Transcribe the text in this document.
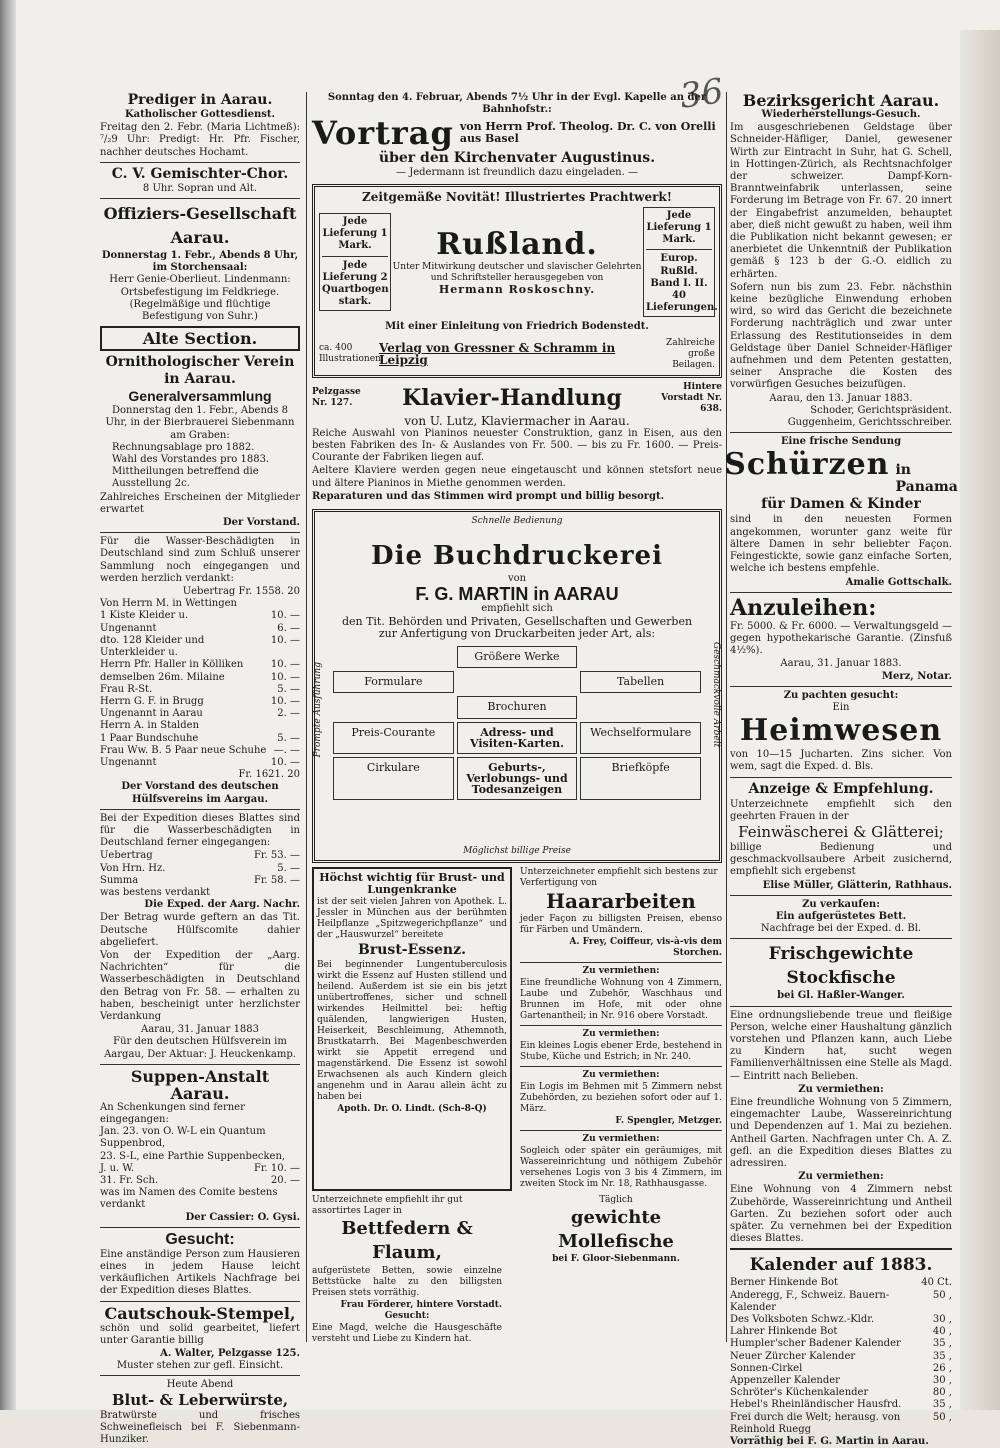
36
Prediger in Aarau.
Katholischer Gottesdienst.
Freitag den 2. Febr. (Maria Lichtmeß): ⁷/₂9 Uhr: Predigt: Hr. Pfr. Fischer, nachher deutsches Hochamt.
C. V. Gemischter-Chor.
8 Uhr. Sopran und Alt.
Offiziers-Gesellschaft Aarau.
Donnerstag 1. Febr., Abends 8 Uhr, im Storchensaal:
Herr Genie-Oberlieut. Lindenmann: Ortsbefestigung im Feldkriege. (Regelmäßige und flüchtige Befestigung von Suhr.)
Alte Section.
Ornithologischer Verein in Aarau.
Generalversammlung
Donnerstag den 1. Febr., Abends 8 Uhr, in der Bierbrauerei Siebenmann am Graben:
Rechnungsablage pro 1882.
Wahl des Vorstandes pro 1883.
Mittheilungen betreffend die Ausstellung 2c.
Zahlreiches Erscheinen der Mitglieder erwartet
Der Vorstand.
Für die Wasser-Beschädigten in Deutschland sind zum Schluß unserer Sammlung noch eingegangen und werden herzlich verdankt:
Uebertrag Fr. 1558. 20
Von Herrn M. in Wettingen
1 Kiste Kleider u.	10. —
Ungenannt	6. —
dto. 128 Kleider und Unterkleider u.
10. —
Herrn Pfr. Haller in Kölliken	10. —
demselben 26m. Milaine	10. —
Frau R-St.	5. —
Herrn G. F. in Brugg	10. —
Ungenannt in Aarau	2. —
Herrn A. in Stalden
1 Paar Bundschuhe	5. —
Frau Ww. B. 5 Paar neue Schuhe —. —
Ungenannt	10. —
Fr. 1621. 20
Der Vorstand des deutschen Hülfsvereins im Aargau.
Bei der Expedition dieses Blattes sind für die Wasserbeschädigten in Deutschland ferner eingegangen:
Uebertrag	Fr. 53. —
Von Hrn. Hz.	5. —
Summa	Fr. 58. —
was bestens verdankt
Die Exped. der Aarg. Nachr.
Der Betrag wurde geftern an das Tit. Deutsche Hülfscomite dahier abgeliefert.
Von der Expedition der „Aarg. Nachrichten“ für die Wasserbeschädigten in Deutschland den Betrag von Fr. 58. — erhalten zu haben, bescheinigt unter herzlichster Verdankung
Aarau, 31. Januar 1883
Für den deutschen Hülfsverein im Aargau, Der Aktuar: J. Heuckenkamp.
Suppen-Anstalt Aarau.
An Schenkungen sind ferner eingegangen:
Jan. 23. von O. W-L ein Quantum Suppenbrod,
23. S-L, eine Parthie Suppenbecken,
J. u. W.	Fr. 10. —
31. Fr. Sch.	20. —
was im Namen des Comite bestens verdankt
Der Cassier: O. Gysi.
Gesucht:
Eine anständige Person zum Hausieren eines in jedem Hause leicht verkäuflichen Artikels Nachfrage bei der Expedition dieses Blattes.
Cautschouk-Stempel,
schön und solid gearbeitet, liefert unter Garantie billig
A. Walter, Pelzgasse 125.
Muster stehen zur gefl. Einsicht.
Heute Abend
Blut- & Leberwürste,
Bratwürste und frisches Schweinefleisch bei F. Siebenmann-Hunziker.
Sonntag den 4. Februar, Abends 7½ Uhr in der Evgl. Kapelle an der Bahnhofstr.:
Vortrag von Herrn Prof. Theolog. Dr. C. von Orelli aus Basel
über den Kirchenvater Augustinus.
— Jedermann ist freundlich dazu eingeladen. —
Zeitgemäße Novität! Illustriertes Prachtwerk!
Jede Lieferung 1 Mark.
Jede Lieferung 2 Quartbogen stark.
Rußland.
Unter Mitwirkung deutscher und slavischer Gelehrten und Schriftsteller herausgegeben von
Hermann Roskoschny.
Jede Lieferung 1 Mark.
Europ. Rußld. Band I. II. 40 Lieferungen.
Mit einer Einleitung von Friedrich Bodenstedt.
ca. 400 Illustrationen.
Verlag von Gressner & Schramm in Leipzig
Zahlreiche große Beilagen.
Pelzgasse Nr. 127.	Klavier-Handlung	Hintere Vorstadt Nr. 638.
von U. Lutz, Klaviermacher in Aarau.
Reiche Auswahl von Pianinos neuester Construktion, ganz in Eisen, aus den besten Fabriken des In- & Auslandes von Fr. 500. — bis zu Fr. 1600. — Preis-Courante der Fabriken liegen auf.
Aeltere Klaviere werden gegen neue eingetauscht und können stetsfort neue und ältere Pianinos in Miethe genommen werden.
Reparaturen und das Stimmen wird prompt und billig besorgt.
Schnelle Bedienung
Die Buchdruckerei
von
F. G. MARTIN in AARAU
empfiehlt sich
den Tit. Behörden und Privaten, Gesellschaften und Gewerben
zur Anfertigung von Druckarbeiten jeder Art, als:
Größere Werke
Formulare	Tabellen
Brochuren
Preis-Courante	Adress- und Visiten-Karten.
Wechselformulare
Cirkulare	Geburts-, Verlobungs- und Todesanzeigen
Briefköpfe
Prompte Ausführung	Geschmackvolle Arbeit
Möglichst billige Preise
Höchst wichtig für Brust- und Lungenkranke
ist der seit vielen Jahren von Apothek. L. Jessler in München aus der berühmten Heilpflanze „Spitzwegerichpflanze“ und der „Hauswurzel“ bereitete
Brust-Essenz.
Bei beginnender Lungentuberculosis wirkt die Essenz auf Husten stillend und heilend. Außerdem ist sie ein bis jetzt unübertroffenes, sicher und schnell wirkendes Heilmittel bei: heftig quälenden, langwierigen Husten, Heiserkeit, Beschleimung, Athemnoth, Brustkatarrh. Bei Magenbeschwerden wirkt sie Appetit erregend und magenstärkend. Die Essenz ist sowohl Erwachsenen als auch Kindern gleich angenehm und in Aarau allein ächt zu haben bei
Apoth. Dr. O. Lindt. (Sch-8-Q)
Unterzeichneter empfiehlt sich bestens zur Verfertigung von
Haararbeiten
jeder Façon zu billigsten Preisen, ebenso für Färben und Umändern.
A. Frey, Coiffeur, vis-à-vis dem Storchen.
Zu vermiethen:
Eine freundliche Wohnung von 4 Zimmern, Laube und Zubehör, Waschhaus und Brunnen im Hofe, mit oder ohne Gartenantheil; in Nr. 916 obere Vorstadt.
Zu vermiethen:
Ein kleines Logis ebener Erde, bestehend in Stube, Küche und Estrich; in Nr. 240.
Zu vermiethen:
Ein Logis im Behmen mit 5 Zimmern nebst Zubehörden, zu beziehen sofort oder auf 1. März.
F. Spengler, Metzger.
Zu vermiethen:
Sogleich oder später ein geräumiges, mit Wassereinrichtung und nöthigem Zubehör versehenes Logis von 3 bis 4 Zimmern, im zweiten Stock im Nr. 18, Rathhausgasse.
Unterzeichnete empfiehlt ihr gut assortirtes Lager in
Bettfedern & Flaum,
aufgerüstete Betten, sowie einzelne Bettstücke halte zu den billigsten Preisen stets vorräthig.
Frau Förderer, hintere Vorstadt.
Gesucht:
Eine Magd, welche die Hausgeschäfte versteht und Liebe zu Kindern hat.
Täglich
gewichte Mollefische
bei F. Gloor-Siebenmann.
Bezirksgericht Aarau.
Wiederherstellungs-Gesuch.
Im ausgeschriebenen Geldstage über Schneider-Häfliger, Daniel, gewesener Wirth zur Eintracht in Suhr, hat G. Schell, in Hottingen-Zürich, als Rechtsnachfolger der schweizer. Dampf-Korn-Branntweinfabrik unterlassen, seine Forderung im Betrage von Fr. 67. 20 innert der Eingabefrist anzumelden, behauptet aber, dieß nicht gewußt zu haben, weil ihm die Publikation nicht bekannt gewesen; er anerbietet die Unkenntniß der Publikation gemäß § 123 b der G.-O. eidlich zu erhärten.
Sofern nun bis zum 23. Febr. nächsthin keine bezügliche Einwendung erhoben wird, so wird das Gericht die bezeichnete Forderung nachträglich und zwar unter Erlassung des Restitutionseides in dem Geldstage über Daniel Schneider-Häfliger aufnehmen und dem Petenten gestatten, seiner Ansprache die Kosten des vorwürfigen Gesuches beizufügen.
Aarau, den 13. Januar 1883.
Schoder, Gerichtspräsident.
Guggenheim, Gerichtsschreiber.
Eine frische Sendung
Schürzen in Panama
für Damen & Kinder
sind in den neuesten Formen angekommen, worunter ganz weite für ältere Damen in sehr beliebter Façon. Feingestickte, sowie ganz einfache Sorten, welche ich bestens empfehle.
Amalie Gottschalk.
Anzuleihen:
Fr. 5000. & Fr. 6000. — Verwaltungsgeld — gegen hypothekarische Garantie. (Zinsfuß 4½%).
Aarau, 31. Januar 1883.
Merz, Notar.
Zu pachten gesucht:
Ein
Heimwesen
von 10—15 Jucharten. Zins sicher. Von wem, sagt die Exped. d. Bls.
Anzeige & Empfehlung.
Unterzeichnete empfiehlt sich den geehrten Frauen in der
Feinwäscherei & Glätterei;
billige Bedienung und geschmackvollsaubere Arbeit zusichernd, empfiehlt sich ergebenst
Elise Müller, Glätterin, Rathhaus.
Zu verkaufen:
Ein aufgerüstetes Bett.
Nachfrage bei der Exped. d. Bl.
Frischgewichte Stockfische
bei Gl. Haßler-Wanger.
Eine ordnungsliebende treue und fleißige Person, welche einer Haushaltung gänzlich vorstehen und Pflanzen kann, auch Liebe zu Kindern hat, sucht wegen Familienverhältnissen eine Stelle als Magd. — Eintritt nach Belieben.
Zu vermiethen:
Eine freundliche Wohnung von 5 Zimmern, eingemachter Laube, Wassereinrichtung und Dependenzen auf 1. Mai zu beziehen. Antheil Garten. Nachfragen unter Ch. A. Z. gefl. an die Expedition dieses Blattes zu adressiren.
Zu vermiethen:
Eine Wohnung von 4 Zimmern nebst Zubehörde, Wassereinrichtung und Antheil Garten. Zu beziehen sofort oder auch später. Zu vernehmen bei der Expedition dieses Blattes.
Kalender auf 1883.
Berner Hinkende Bot	40 Ct.
Anderegg, F., Schweiz. Bauern-Kalender
50 ,
Des Volksboten Schwz.-Kldr.	30 ,
Lahrer Hinkende Bot	40 ,
Humpler'scher Badener Kalender	35 ,
Neuer Zürcher Kalender	35 ,
Sonnen-Cirkel	26 ,
Appenzeller Kalender	30 ,
Schröter's Küchenkalender	80 ,
Hebel's Rheinländischer Hausfrd.	35 ,
Frei durch die Welt; herausg. von Reinhold Ruegg
50 ,
Vorräthig bei F. G. Martin in Aarau.
